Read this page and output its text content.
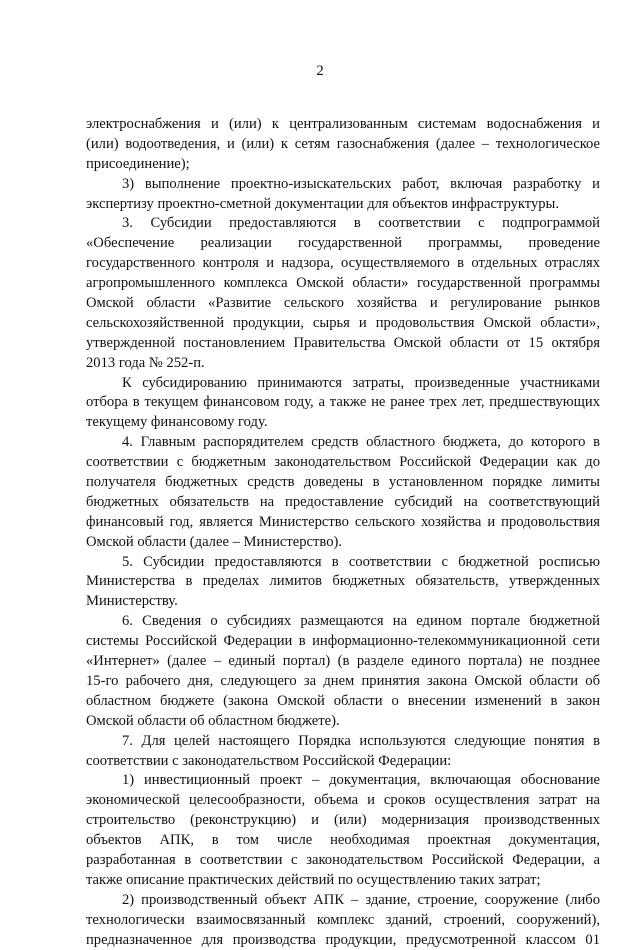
2
электроснабжения и (или) к централизованным системам водоснабжения и
(или) водоотведения, и (или) к сетям газоснабжения (далее – технологическое
присоединение);
3) выполнение проектно-изыскательских работ, включая разработку и
экспертизу проектно-сметной документации для объектов инфраструктуры.
3. Субсидии предоставляются в соответствии с подпрограммой
«Обеспечение реализации государственной программы, проведение
государственного контроля и надзора, осуществляемого в отдельных отраслях
агропромышленного комплекса Омской области» государственной программы
Омской области «Развитие сельского хозяйства и регулирование рынков
сельскохозяйственной продукции, сырья и продовольствия Омской области»,
утвержденной постановлением Правительства Омской области от 15 октября
2013 года № 252-п.
К субсидированию принимаются затраты, произведенные участниками
отбора в текущем финансовом году, а также не ранее трех лет, предшествующих
текущему финансовому году.
4. Главным распорядителем средств областного бюджета, до которого в
соответствии с бюджетным законодательством Российской Федерации как до
получателя бюджетных средств доведены в установленном порядке лимиты
бюджетных обязательств на предоставление субсидий на соответствующий
финансовый год, является Министерство сельского хозяйства и продовольствия
Омской области (далее – Министерство).
5. Субсидии предоставляются в соответствии с бюджетной росписью
Министерства в пределах лимитов бюджетных обязательств, утвержденных
Министерству.
6. Сведения о субсидиях размещаются на едином портале бюджетной
системы Российской Федерации в информационно-телекоммуникационной сети
«Интернет» (далее – единый портал) (в разделе единого портала) не позднее
15-го рабочего дня, следующего за днем принятия закона Омской области об
областном бюджете (закона Омской области о внесении изменений в закон
Омской области об областном бюджете).
7. Для целей настоящего Порядка используются следующие понятия в
соответствии с законодательством Российской Федерации:
1) инвестиционный проект – документация, включающая обоснование
экономической целесообразности, объема и сроков осуществления затрат на
строительство (реконструкцию) и (или) модернизация производственных
объектов АПК, в том числе необходимая проектная документация,
разработанная в соответствии с законодательством Российской Федерации, а
также описание практических действий по осуществлению таких затрат;
2) производственный объект АПК – здание, строение, сооружение (либо
технологически взаимосвязанный комплекс зданий, строений, сооружений),
предназначенное для производства продукции, предусмотренной классом 01
